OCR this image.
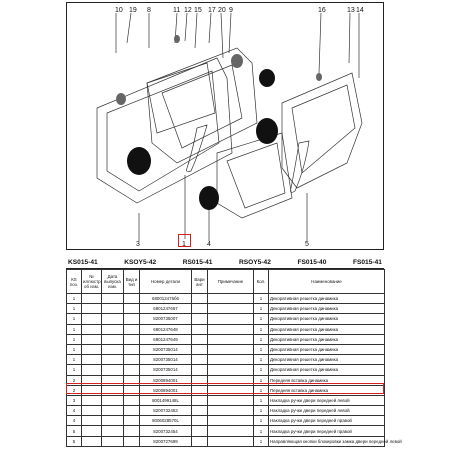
10 19 8	11 12 15 17 20 9	16	13 14
3	1	4	5
KS015-41	KSOY5-42	RS015-41	RSOY5-42	FS015-40	FS015-41
КS поз.	№ иллюстр. об изм.	Дата выпуска изм.	Вид и тип	Номер детали	Вари ант	Примечание	Кол.	Наименование
1				680012476б6			1	Декоративная решетка динамика
1				6801247667			1	Декоративная решетка динамика
1				8200735007			1	Декоративная решетка динамика
1				6801247648			1	Декоративная решетка динамика
1				6801247649			1	Декоративная решетка динамика
1				8200735014			1	Декоративная решетка динамика
1				8200735014			1	Декоративная решетка динамика
1				8200735014			1	Декоративная решетка динамика
2				8200894001			1	Передняя вставка динамика
2				8200894001			1	Передняя вставка динамика
3				8001499148L			1	Накладка ручки двери передней левой
4				8200732453			1	Накладка ручки двери передней левой
4				8006028570L			1	Накладка ручки двери передней правой
5				8200732454			1	Накладка ручки двери передней правой
5				8200727699			1	Направляющая кнопки блокировки замка двери передней левой
